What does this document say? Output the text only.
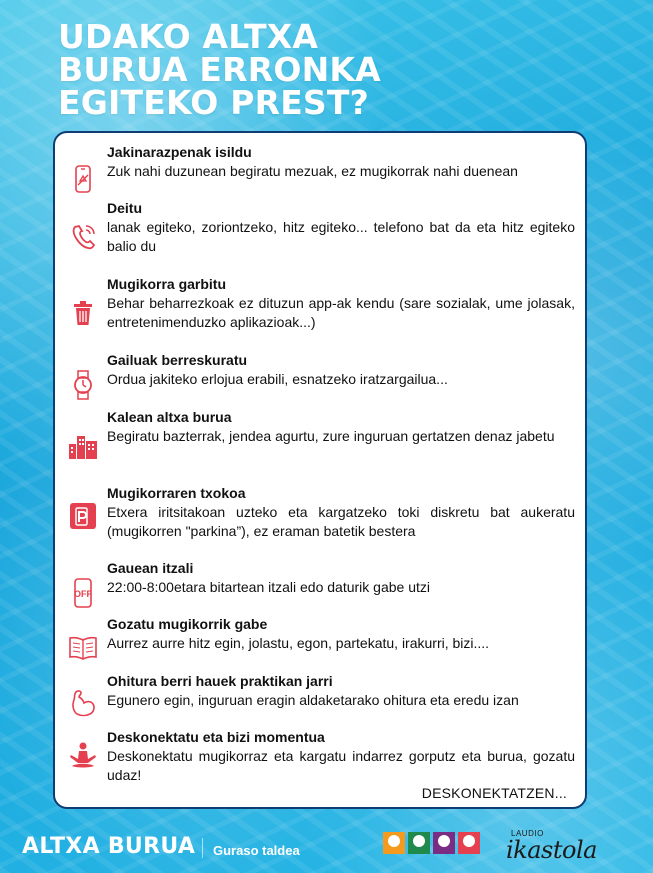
UDAKO ALTXA
BURUA ERRONKA
EGITEKO PREST?
Jakinarazpenak isildu
Zuk nahi duzunean begiratu mezuak, ez mugikorrak nahi duenean
Deitu
lanak egiteko, zoriontzeko, hitz egiteko... telefono bat da eta hitz egiteko balio du
Mugikorra garbitu
Behar beharrezkoak ez dituzun app-ak kendu (sare sozialak, ume jolasak, entretenimenduzko aplikazioak...)
Gailuak berreskuratu
Ordua jakiteko erlojua erabili, esnatzeko iratzargailua...
Kalean altxa burua
Begiratu bazterrak, jendea agurtu, zure inguruan gertatzen denaz jabetu
Mugikorraren txokoa
Etxera iritsitakoan uzteko eta kargatzeko toki diskretu bat aukeratu (mugikorren "parkina”), ez eraman batetik bestera
OFF
Gauean itzali
22:00-8:00etara bitartean itzali edo daturik gabe utzi
Gozatu mugikorrik gabe
Aurrez aurre hitz egin, jolastu, egon, partekatu, irakurri, bizi....
Ohitura berri hauek praktikan jarri
Egunero egin, inguruan eragin aldaketarako ohitura eta eredu izan
Deskonektatu eta bizi momentua
Deskonektatu mugikorraz eta kargatu indarrez gorputz eta burua, gozatu udaz!
DESKONEKTATZEN...
ALTXA BURUA Guraso taldea
LAUDIO
ikastola
